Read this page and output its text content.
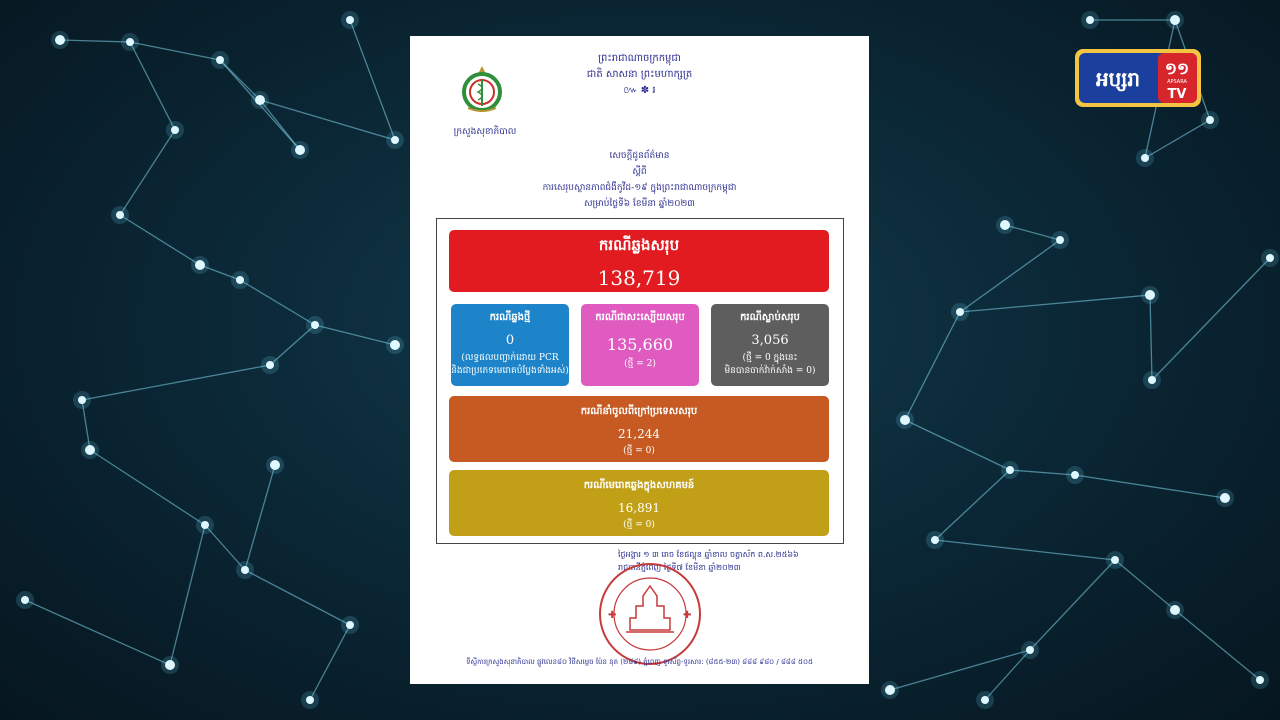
ព្រះរាជាណាចក្រកម្ពុជា
ជាតិ សាសនា ព្រះមហាក្សត្រ
៚ ✽ ៛
ក្រសួងសុខាភិបាល
សេចក្តីជូនព័ត៌មាន
ស្តីពី
ការសេរុបស្ថានភាពជំងឺកូវីដ-១៩ ក្នុងព្រះរាជាណាចក្រកម្ពុជា
សម្រាប់ថ្ងៃទី៦ ខែមីនា ឆ្នាំ២០២៣
ករណីឆ្លងសរុប
138,719
ករណីឆ្លងថ្មី
0
(លទ្ធផលបញ្ជាក់ដោយ PCR
និងជាប្រភេទមេរោគបំប្លែងទាំងអស់)
ករណីជាសះស្បើយសរុប
135,660
(ថ្មី = 2)
ករណីស្លាប់សរុប
3,056
(ថ្មី = 0 ក្នុងនេះ
មិនបានចាក់វ៉ាក់សាំង = 0)
ករណីនាំចូលពីក្រៅប្រទេសសរុប
21,244
(ថ្មី = 0)
ករណីមេរោគឆ្លងក្នុងសហគមន៍
16,891
(ថ្មី = 0)
ថ្ងៃអង្គារ ១ ៣ រោច ខែផល្គុន ឆ្នាំខាល ចត្វាស័ក ព.ស.២៥៦៦
រាជធានីភ្នំពេញ ថ្ងៃទី៧ ខែមីនា ឆ្នាំ២០២៣
✚	✚
ទីស្តីការក្រសួងសុខាភិបាល ផ្លូវលេខ៨០ វិថីសម្តេច ប៉ែន នុត (២៨៩) ភ្នំពេញ ទូរស័ព្ទ-ទូរសារ: (៨៥៥-២៣) ៨៨៨ ៩៨០ / ៨៨៨ ៥០៥
អប្សរា ១១
APSARA
TV
